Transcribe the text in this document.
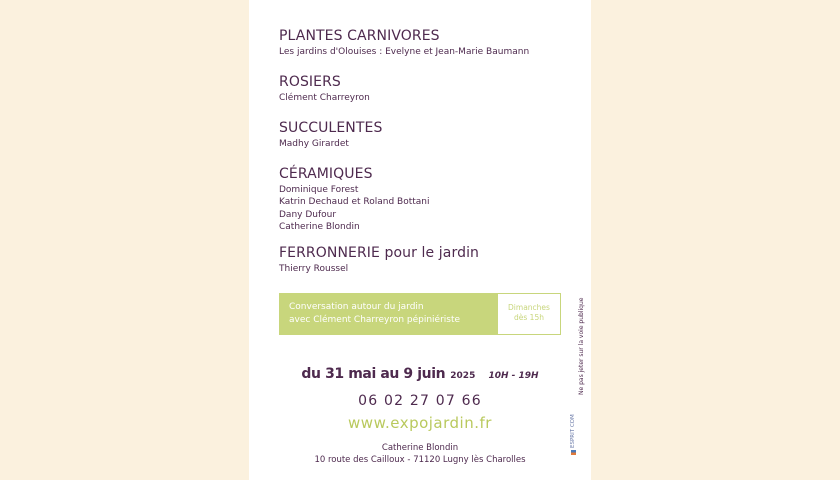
PLANTES CARNIVORES
Les jardins d'Olouises : Evelyne et Jean-Marie Baumann
ROSIERS
Clément Charreyron
SUCCULENTES
Madhy Girardet
CÉRAMIQUES
Dominique Forest
Katrin Dechaud et Roland Bottani
Dany Dufour
Catherine Blondin
FERRONNERIE pour le jardin
Thierry Roussel
Conversation autour du jardin
avec Clément Charreyron pépiniériste
Dimanches
dès 15h
du 31 mai au 9 juin 2025 10H - 19H
06 02 27 07 66
www.expojardin.fr
Catherine Blondin
10 route des Cailloux - 71120 Lugny lès Charolles
Ne pas jeter sur la voie publique
ESPRIT COM
